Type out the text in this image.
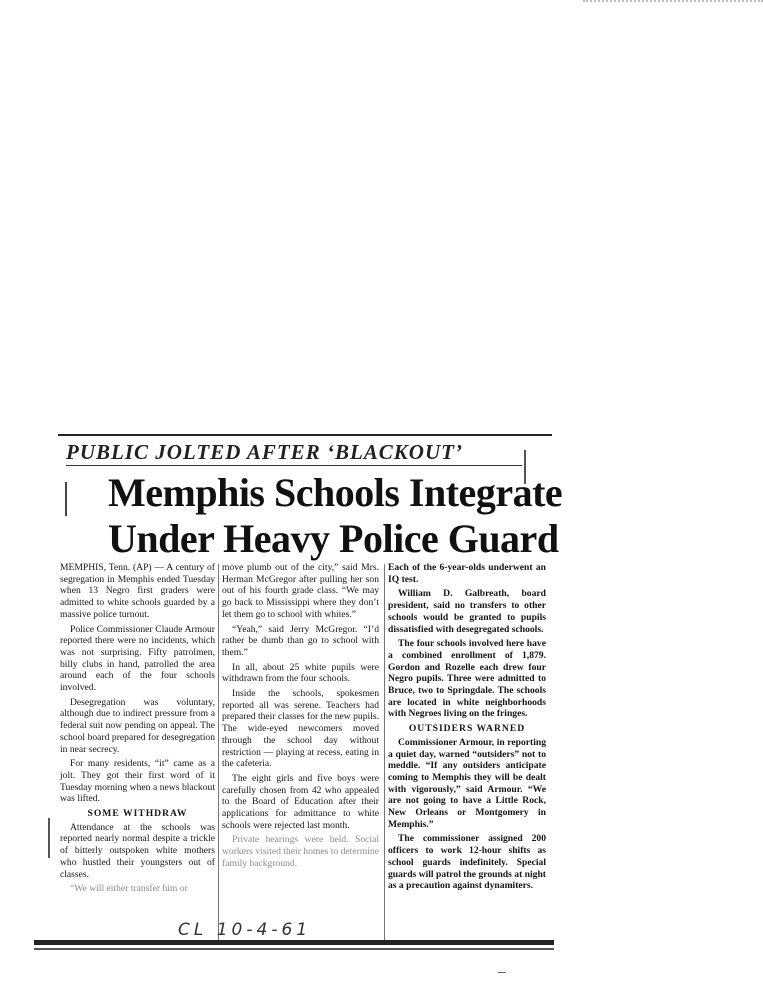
PUBLIC JOLTED AFTER ‘BLACKOUT’
Memphis Schools Integrate
Under Heavy Police Guard

MEMPHIS, Tenn. (AP) — A century of segregation in Memphis ended Tuesday when 13 Negro first graders were admitted to white schools guarded by a massive police turnout.

Police Commissioner Claude Armour reported there were no incidents, which was not surprising. Fifty patrolmen, billy clubs in hand, patrolled the area around each of the four schools involved.

Desegregation was voluntary, although due to indirect pressure from a federal suit now pending on appeal. The school board prepared for desegregation in near secrecy.

For many residents, “it” came as a jolt. They got their first word of it Tuesday morning when a news blackout was lifted.

SOME WITHDRAW

Attendance at the schools was reported nearly normal despite a trickle of bitterly outspoken white mothers who hustled their youngsters out of classes.

“We will either transfer him or

move plumb out of the city,” said Mrs. Herman McGregor after pulling her son out of his fourth grade class. “We may go back to Mississippi where they don’t let them go to school with whites.”

“Yeah,” said Jerry McGregor. “I’d rather be dumb than go to school with them.”

In all, about 25 white pupils were withdrawn from the four schools.

Inside the schools, spokesmen reported all was serene. Teachers had prepared their classes for the new pupils. The wide-eyed newcomers moved through the school day without restriction — playing at recess, eating in the cafeteria.

The eight girls and five boys were carefully chosen from 42 who appealed to the Board of Education after their applications for admittance to white schools were rejected last month.

Private hearings were held. Social workers visited their homes to determine family background.

Each of the 6-year-olds underwent an IQ test.

William D. Galbreath, board president, said no transfers to other schools would be granted to pupils dissatisfied with desegregated schools.

The four schools involved here have a combined enrollment of 1,879. Gordon and Rozelle each drew four Negro pupils. Three were admitted to Bruce, two to Springdale. The schools are located in white neighborhoods with Negroes living on the fringes.

OUTSIDERS WARNED

Commissioner Armour, in reporting a quiet day, warned “outsiders” not to meddle. “If any outsiders anticipate coming to Memphis they will be dealt with vigorously,” said Armour. “We are not going to have a Little Rock, New Orleans or Montgomery in Memphis.”

The commissioner assigned 200 officers to work 12-hour shifts as school guards indefinitely. Special guards will patrol the grounds at night as a precaution against dynamiters.

CL 10-4-61
